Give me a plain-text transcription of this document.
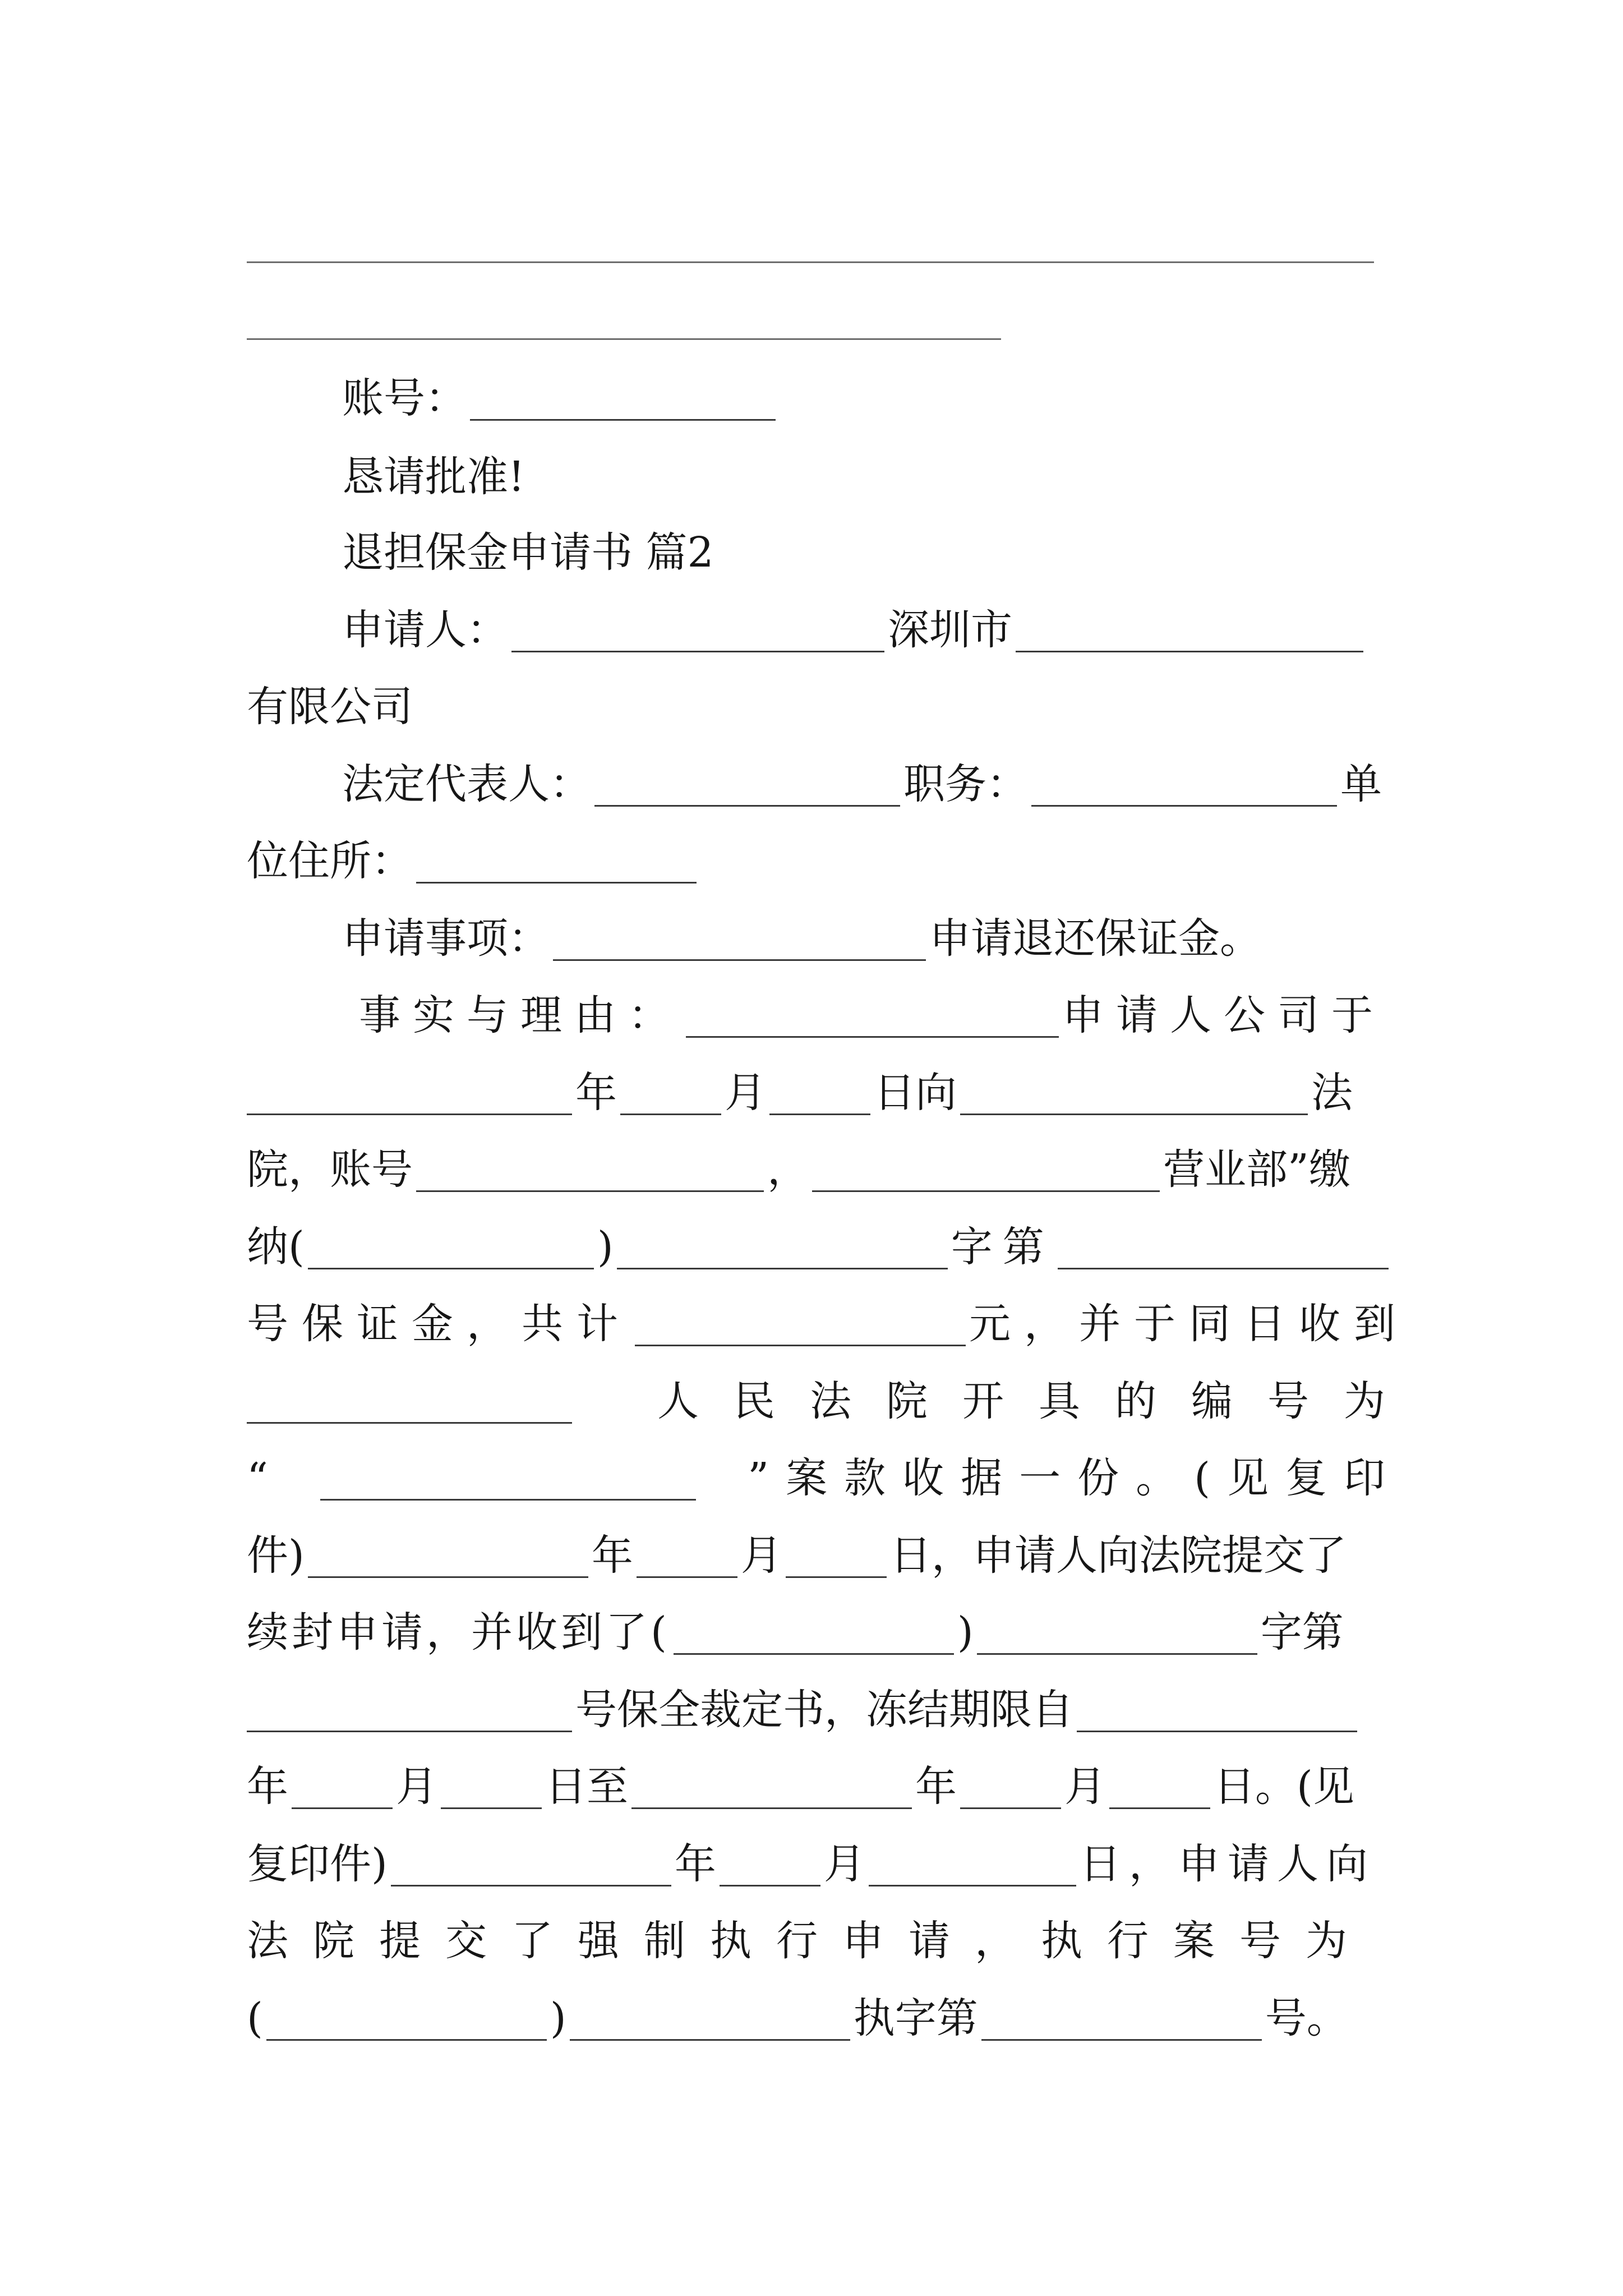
账号：
恳请批准!
退担保金申请书 篇2
申请人：	深圳市
有限公司
法定代表人：	职务：	单
位住所：
申请事项：	申请退还保证金。
事实与理由：	申请人公司于
年	月	日向	法
院，账号	，	营业部”缴
纳(	)	字第
号保证金，共计	元，并于同日收到
人民法院开具的编号为
“	”案款收据一份。(见复印
件)	年	月	日，申请人向法院提交了
续封申请，并收到了(	)	字第
号保全裁定书，冻结期限自
年	月	日至	年	月	日。(见
复印件)	年	月	日，申请人向
法院提交了强制执行申请，执行案号为
(	)	执字第	号。
